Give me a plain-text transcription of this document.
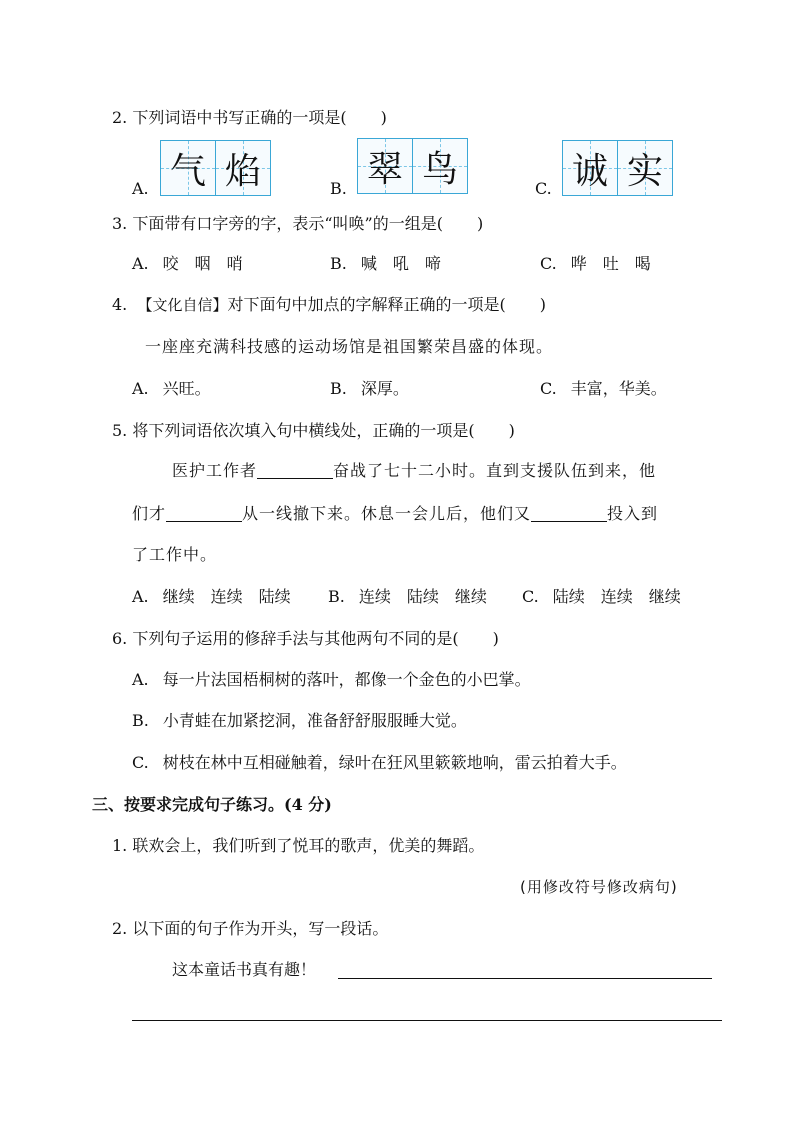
2. 下列词语中书写正确的一项是( )
A. 气 焰	B. 翠 鸟	C. 诚 实
3. 下面带有口字旁的字，表示“叫唤”的一组是( )
A. 咬　咽　哨	B. 喊　吼　啼	C. 哗　吐　喝
4.  【文化自信】对下面句中加点的字解释正确的一项是( )
一座座充满科技感的运动场馆是祖国繁荣昌盛的体现。
A. 兴旺。	B. 深厚。	C. 丰富，华美。
5. 将下列词语依次填入句中横线处，正确的一项是( )
医护工作者	奋战了七十二小时。直到支援队伍到来，他
们才	从一线撤下来。休息一会儿后，他们又	投入到
了工作中。
A. 继续　连续　陆续 B. 连续　陆续　继续 C. 陆续　连续　继续
6. 下列句子运用的修辞手法与其他两句不同的是( )
A. 每一片法国梧桐树的落叶，都像一个金色的小巴掌。
B. 小青蛙在加紧挖洞，准备舒舒服服睡大觉。
C. 树枝在林中互相碰触着，绿叶在狂风里簌簌地响，雷云拍着大手。
三、按要求完成句子练习。(4 分)
1. 联欢会上，我们听到了悦耳的歌声，优美的舞蹈。
(用修改符号修改病句)
2. 以下面的句子作为开头，写一段话。
这本童话书真有趣！
